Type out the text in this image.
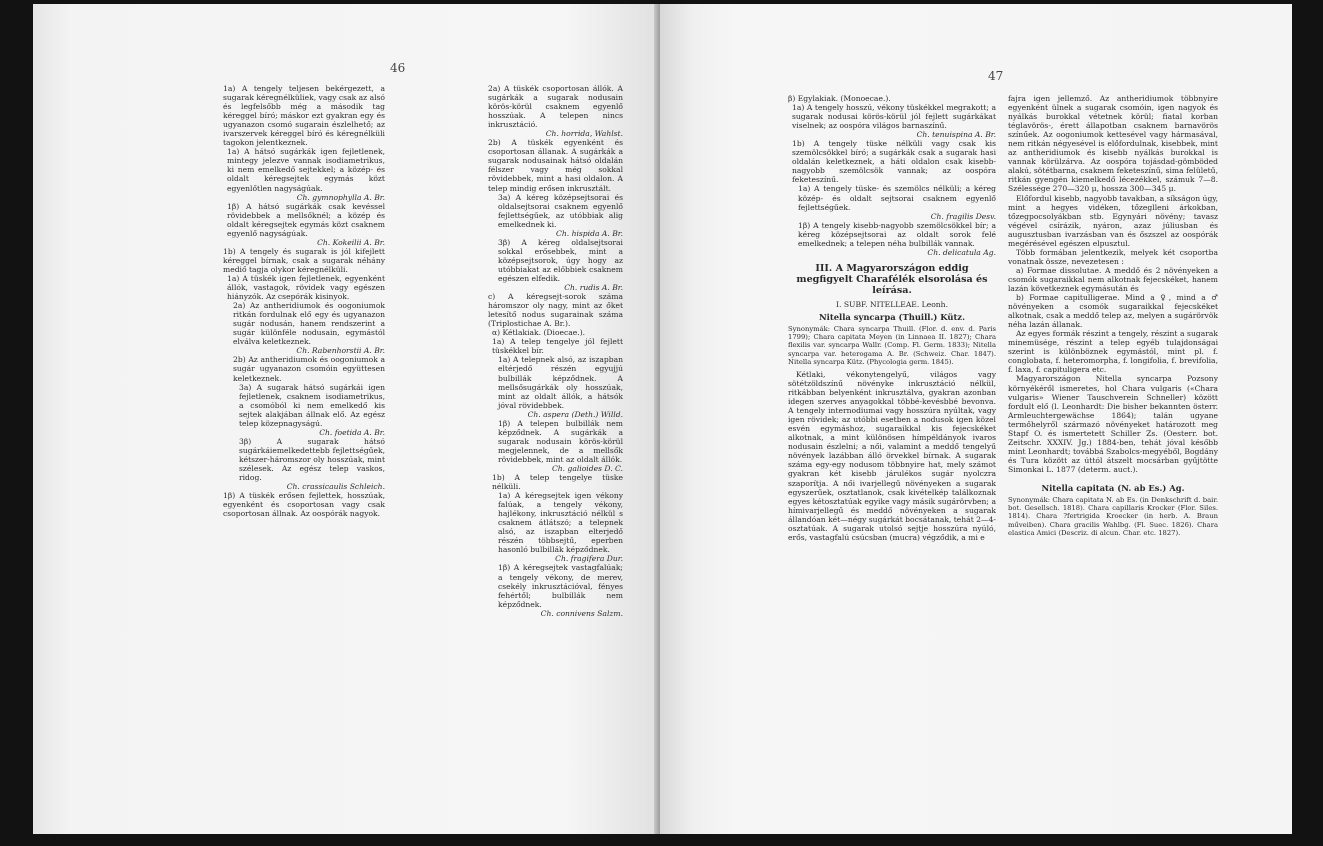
46

1a) A tengely teljesen bekérgezett, a sugarak kéregnélküliek, vagy csak az alsó és legfelsőbb még a második tag kéreggel bíró; máskor ezt gyakran egy és ugyanazon csomó sugarain észlelhető; az ivarszervek kéreggel bíró és kéregnélküli tagokon jelentkeznek.

1a) A hátsó sugárkák igen fejletlenek, mintegy jelezve vannak isodiametrikus, ki nem emelkedő sejtekkel; a közép- és oldalt kéregsejtek egymás közt egyenlőtlen nagyságúak.

Ch. gymnophylla A. Br.

1β) A hátsó sugárkák csak kevéssel rövidebbek a mellsőknél; a közép és oldalt kéregsejtek egymás közt csaknem egyenlő nagyságúak.

Ch. Kokeilii A. Br.

1b) A tengely és sugarak is jól kifejlett kéreggel bírnak, csak a sugarak néhány mediő tagja olykor kéregnélküli.

1a) A tüskék igen fejletlenek, egyenként állók, vastagok, rövidek vagy egészen hiányzók. Az csepórák kisinyok.

2a) Az antheridiumok és oogoniumok ritkán fordulnak elő egy és ugyanazon sugár nodusán, hanem rendszerint a sugár különféle nodusain, egymástól elválva keletkeznek.

Ch. Rabenhorstii A. Br.

2b) Az antheridiumok és oogoniumok a sugár ugyanazon csomóin együttesen keletkeznek.

3a) A sugarak hátsó sugárkái igen fejletlenek, csaknem isodiametrikus, a csomóból ki nem emelkedő kis sejtek alakjában állnak elő. Az egész telep közepnagyságú.

Ch. foetida A. Br.

3β) A sugarak hátsó sugárkáiemelkedettebb fejlettségűek, kétszer-háromszor oly hosszúak, mint szélesek. Az egész telep vaskos, ridog.

Ch. crassicaulis Schleich.

1β) A tüskék erősen fejlettek, hosszúak, egyenként és csoportosan vagy csak csoportosan állnak. Az oospórák nagyok.

2a) A tüskék csoportosan állók. A sugárkák a sugarak nodusain körös-körül csaknem egyenlő hosszúak. A telepen nincs inkrusztáció.

Ch. horrida, Wahlst.

2b) A tüskék egyenként és csoportosan állanak. A sugárkák a sugarak nodusainak hátsó oldalán félszer vagy még sokkal rövidebbek, mint a hasi oldalon. A telep mindig erősen inkrusztált.

3a) A kéreg középsejtsorai és oldalsejtsorai csaknem egyenlő fejlettségűek, az utóbbiak alig emelkednek ki.

Ch. hispida A. Br.

3β) A kéreg oldalsejtsorai sokkal erősebbek, mint a középsejtsorok, úgy hogy az utóbbiakat az előbbiek csaknem egészen elfedik.

Ch. rudis A. Br.

c) A kéregsejt-sorok száma háromszor oly nagy, mint az őket letesítő nodus sugarainak száma (Triplostichae A. Br.).

α) Kétlakiak. (Dioecae.).

1a) A telep tengelye jól fejlett tüskékkel bír.

1a) A telepnek alsó, az iszapban eltérjedő részén egyujjú bulbillák képződnek. A mellsősugárkák oly hosszúak, mint az oldalt állók, a hátsók jóval rövidebbek.

Ch. aspera (Deth.) Willd.

1β) A telepen bulbillák nem képződnek. A sugárkák a sugarak nodusain körös-körül megjelennek, de a mellsők rövidebbek, mint az oldalt állók.

Ch. galioides D. C.

1b) A telep tengelye tüske nélküli.

1a) A kéregsejtek igen vékony falúak, a tengely vékony, hajlékony, inkrusztáció nélkül s csaknem átlátszó; a telepnek alsó, az iszapban elterjedő részén többsejtű, eperben hasonló bulbillák képződnek.

Ch. fragifera Dur.

1β) A kéregsejtek vastagfalúak; a tengely vékony, de merev, csekély inkrusztációval, fényes fehértől; bulbillák nem képződnek.

Ch. connivens Salzm.

47

β) Egylakiak. (Monoecae.).

1a) A tengely hosszú, vékony tüskékkel megrakott; a sugarak nodusai körös-körül jól fejlett sugárkákat viselnek; az oospóra világos barnaszínű.

Ch. tenuispina A. Br.

1b) A tengely tüske nélküli vagy csak kis szemölcsökkel bíró; a sugárkák csak a sugarak hasi oldalán keletkeznek, a háti oldalon csak kisebb-nagyobb szemölcsök vannak; az oospóra feketeszínű.

1a) A tengely tüske- és szemölcs nélküli; a kéreg közép- és oldalt sejtsorai csaknem egyenlő fejlettségűek.

Ch. fragilis Desv.

1β) A tengely kisebb-nagyobb szemölcsökkel bír; a kéreg középsejtsorai az oldalt sorok felé emelkednek; a telepen néha bulbillák vannak.

Ch. delicatula Ag.

III. A Magyarországon eddig megfigyelt Charafélék elsorolása és leírása.

I. SUBF. NITELLEAE. Leonh.

Nitella syncarpa (Thuill.) Kütz.

Synonymák: Chara syncarpa Thuill. (Flor. d. env. d. Paris 1799); Chara capitata Meyen (in Linnaea II. 1827); Chara flexilis var. syncarpa Wallr. (Comp. Fl. Germ. 1833); Nitella syncarpa var. heterogama A. Br. (Schweiz. Char. 1847). Nitella syncarpa Kütz. (Phycologia germ. 1845).

Kétlaki, vékonytengelyű, világos vagy sötétzöldszínű növényke inkrusztáció nélkül, ritkábban belyenként inkrusztálva, gyakran azonban idegen szerves anyagokkal többé-kevésbbé bevonva. A tengely internodiumai vagy hosszúra nyúltak, vagy igen rövidek; az utóbbi esetben a nodusok igen közel esvén egymáshoz, sugaraikkal kis fejecskéket alkotnak, a mint különösen hímpéldányok ivaros nodusain észlelni; a női, valamint a meddő tengelyű növények lazábban álló örvekkel bírnak. A sugarak száma egy-egy nodusom többnyire hat, mely számot gyakran két kisebb járulékos sugár nyolczra szaporítja. A női ivarjellegű növényeken a sugarak egyszerűek, osztatlanok, csak kivételkép találkoznak egyes kétosztatúak egyike vagy másik sugárörvben; a hímivarjellegű és meddő növényeken a sugarak állandóan két—négy sugárkát bocsátanak, tehát 2—4-osztatúak. A sugarak utolsó sejtje hosszúra nyúló, erős, vastagfalú csúcsban (mucra) végződik, a mi e

fajra igen jellemző. Az antheridiumok többnyire egyenként ülnek a sugarak csomóin, igen nagyok és nyálkás burokkal vétetnek körül; fiatal korban téglavörös-, érett állapotban csaknem barnavörös színűek. Az oogoniumok kettesével vagy hármasával, nem ritkán négyesével is előfordulnak, kisebbek, mint az antheridiumok és kisebb nyálkás burokkal is vannak körülzárva. Az oospóra tojásdad-gömböded alakú, sötétbarna, csaknem feketeszínű, sima felületű, ritkán gyengén kiemelkedő lécezékkel, számuk 7—8. Szélessége 270—320 μ, hossza 300—345 μ.

Előfordul kisebb, nagyobb tavakban, a síkságon úgy, mint a hegyes vidéken, tőzeglleni árkokban, tőzegpocsolyákban stb. Egynyári növény; tavasz végével csírázik, nyáron, azaz júliusban és augusztusban ivarzásban van és őszszel az oospórák megérésével egészen elpusztul.

Több formában jelentkezik, melyek két csoportba vonatnak össze, nevezetesen :

a) Formae dissolutae. A meddő és 2 növényeken a csomók sugaraikkal nem alkotnak fejecskéket, hanem lazán következnek egymásután és

b) Formae capitulligerae. Mind a ♀, mind a ♂ növényeken a csomók sugaraikkal fejecskéket alkotnak, csak a meddő telep az, melyen a sugárörvök néha lazán állanak.

Az egyes formák részint a tengely, részint a sugarak minemüsége, részint a telep egyéb tulajdonságai szerint is különböznek egymástól, mint pl. f. conglobata, f. heteromorpha, f. longifolia, f. brevifolia, f. laxa, f. capituligera etc.

Magyarországon Nitella syncarpa Pozsony környékéről ismeretes, hol Chara vulgaris («Chara vulgaris» Wiener Tauschverein Schneller) között fordult elő (l. Leonhardt: Die bisher bekannten österr. Armleuchtergewächse 1864); talán ugyane termőhelyről származó növényeket határozott meg Stapf O. és ismertetett Schiller Zs. (Oesterr. bot. Zeitschr. XXXIV. Jg.) 1884-ben, tehát jóval később mint Leonhardt; továbbá Szabolcs-megyéből, Bogdány és Tura között az úttól átszelt mocsárban gyűjtötte Simonkai L. 1877 (determ. auct.).

Nitella capitata (N. ab Es.) Ag.

Synonymák: Chara capitata N. ab Es. (in Denkschrift d. bair. bot. Gesellsch. 1818). Chara capillaris Krocker (Flor. Siles. 1814). Chara ?fertrigida Kroecker (in herb. A. Braun műveiben). Chara gracilis Wahlbg. (Fl. Suec. 1826). Chara elastica Amici (Descriz. di alcun. Char. etc. 1827).
